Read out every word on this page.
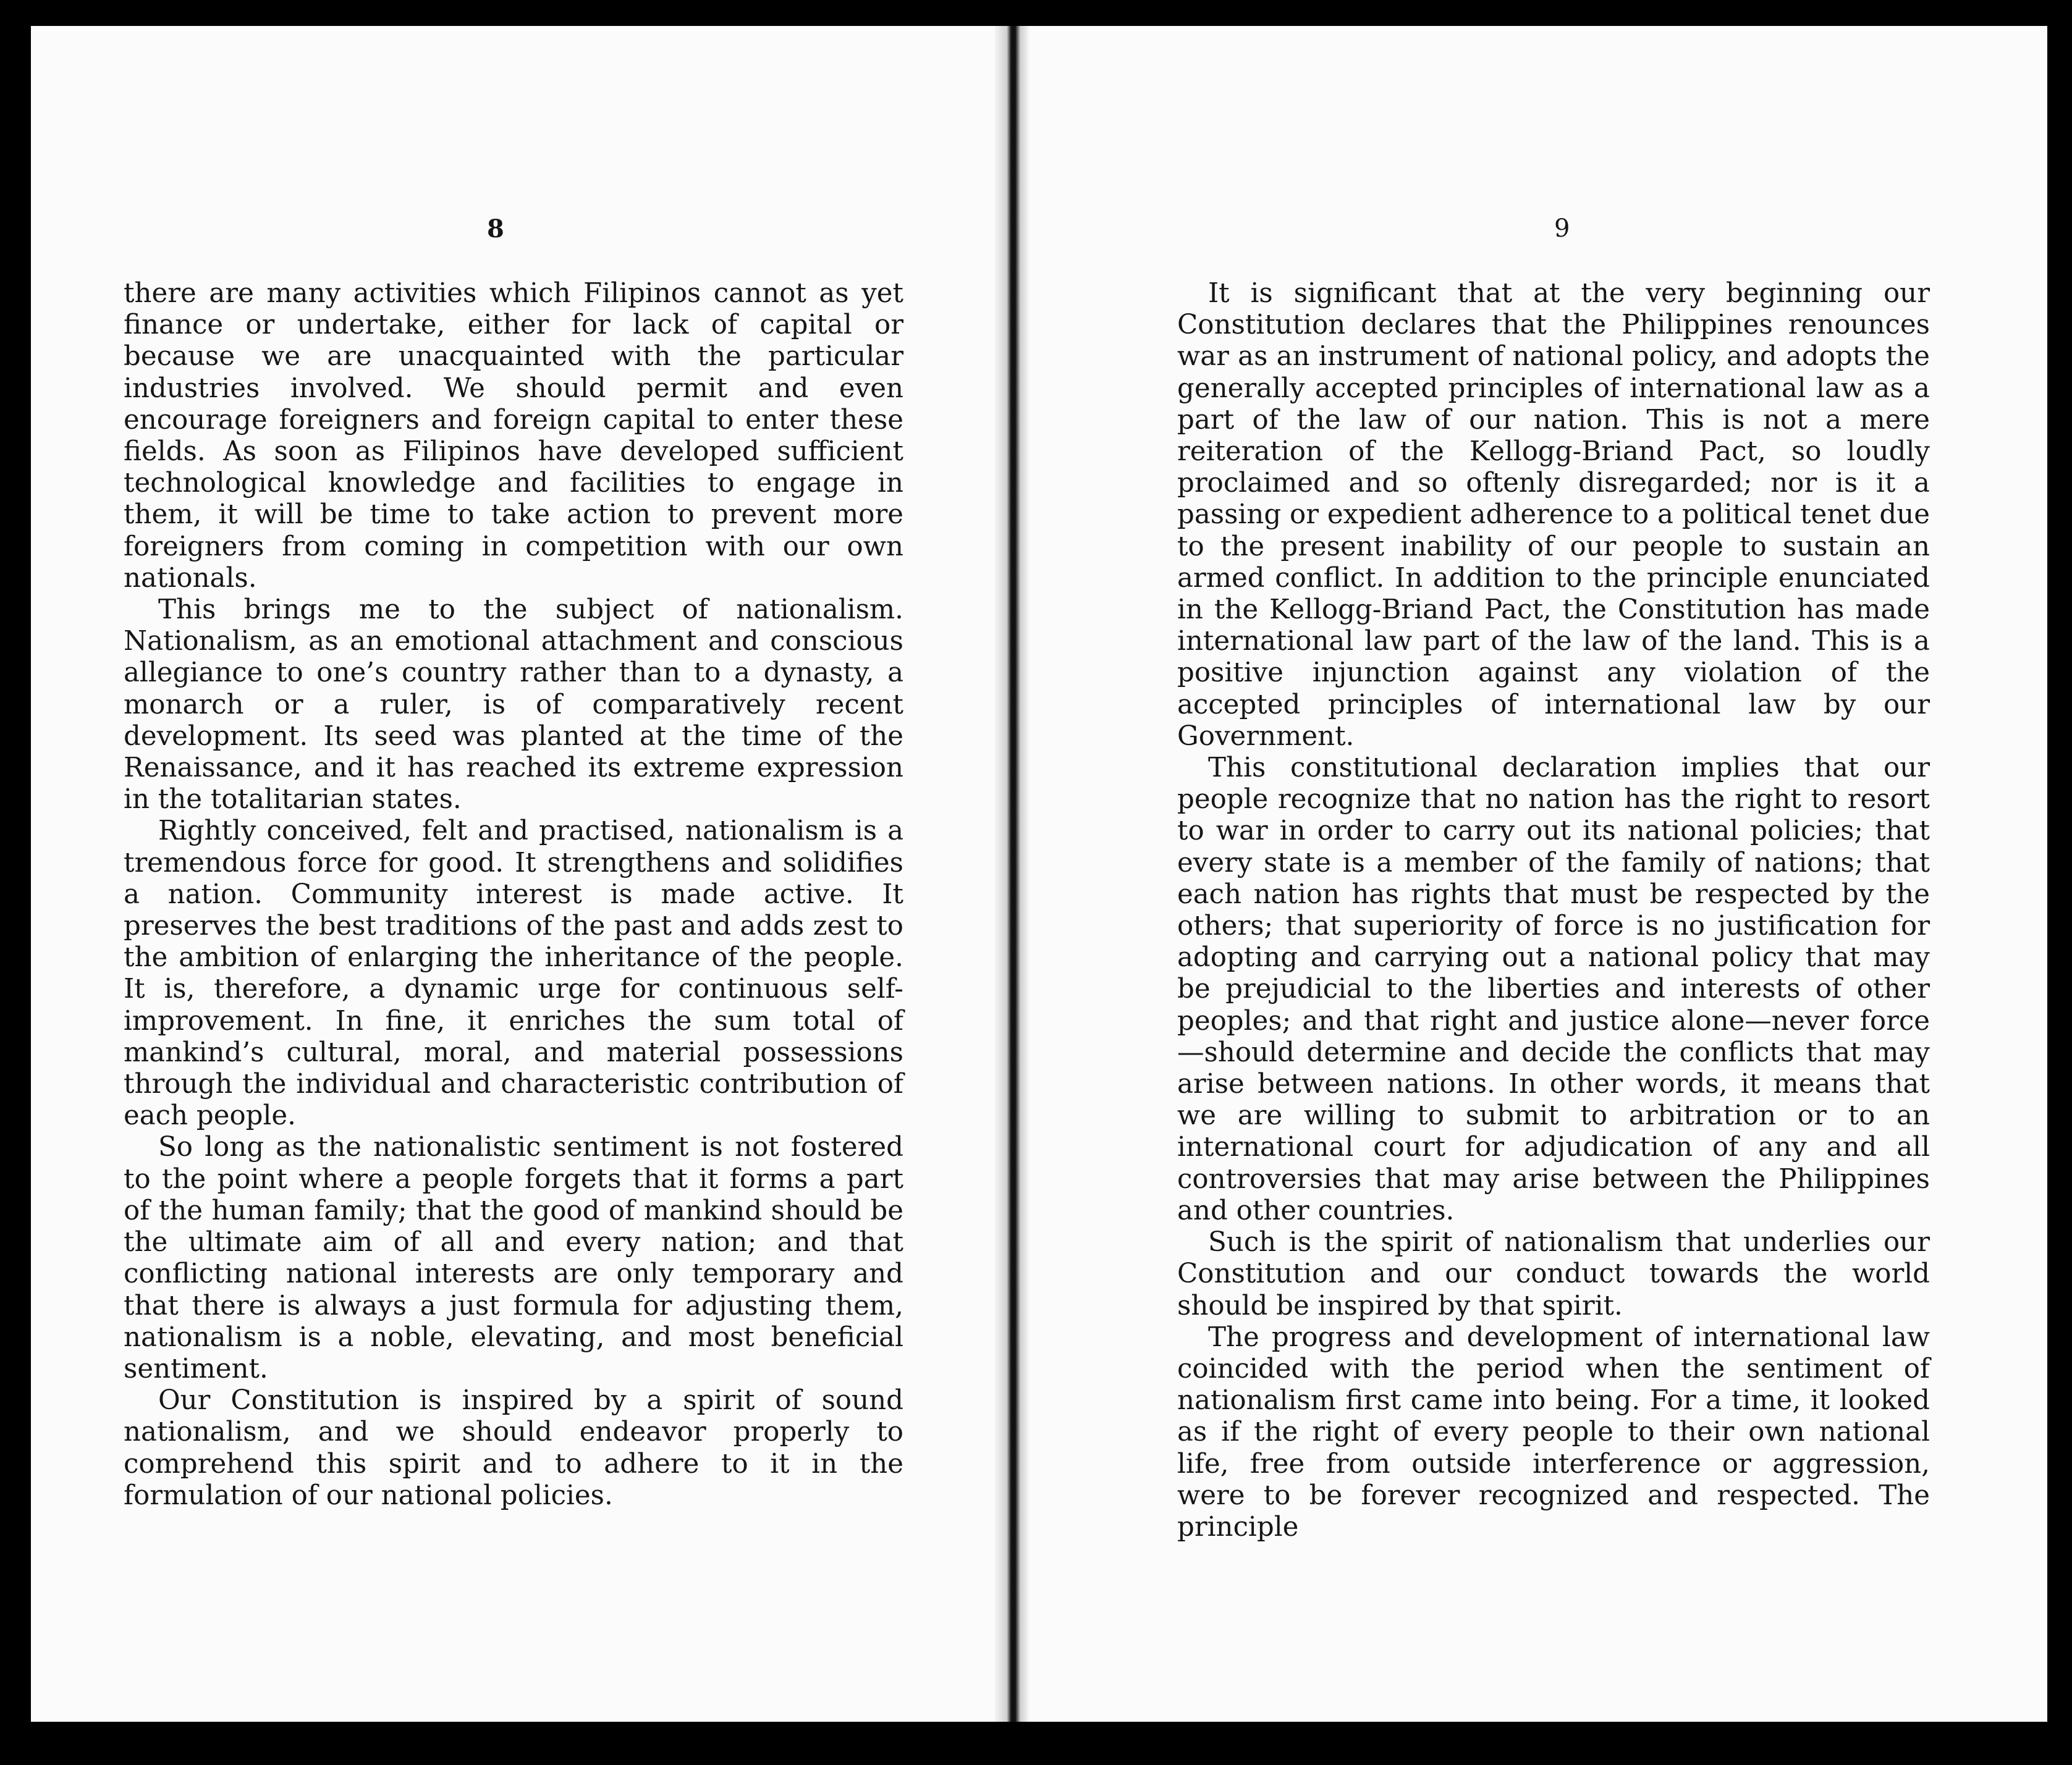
8

there are many activities which Filipinos cannot as yet finance or undertake, either for lack of capital or because we are unacquainted with the particular industries involved. We should permit and even encourage foreigners and foreign capital to enter these fields. As soon as Filipinos have developed sufficient technological knowledge and facilities to engage in them, it will be time to take action to prevent more foreigners from coming in competition with our own nationals.

This brings me to the subject of nationalism. Nationalism, as an emotional attachment and conscious allegiance to one’s country rather than to a dynasty, a monarch or a ruler, is of comparatively recent development. Its seed was planted at the time of the Renaissance, and it has reached its extreme expression in the totalitarian states.

Rightly conceived, felt and practised, nationalism is a tremendous force for good. It strengthens and solidifies a nation. Community interest is made active. It preserves the best traditions of the past and adds zest to the ambition of enlarging the inheritance of the people. It is, therefore, a dynamic urge for continuous self-improvement. In fine, it enriches the sum total of mankind’s cultural, moral, and material possessions through the individual and characteristic contribution of each people.

So long as the nationalistic sentiment is not fostered to the point where a people forgets that it forms a part of the human family; that the good of mankind should be the ultimate aim of all and every nation; and that conflicting national interests are only temporary and that there is always a just formula for adjusting them, nationalism is a noble, elevating, and most beneficial sentiment.

Our Constitution is inspired by a spirit of sound nationalism, and we should endeavor properly to comprehend this spirit and to adhere to it in the formulation of our national policies.

9

It is significant that at the very beginning our Constitution declares that the Philippines renounces war as an instrument of national policy, and adopts the generally accepted principles of international law as a part of the law of our nation. This is not a mere reiteration of the Kellogg-Briand Pact, so loudly proclaimed and so oftenly disregarded; nor is it a passing or expedient adherence to a political tenet due to the present inability of our people to sustain an armed conflict. In addition to the principle enunciated in the Kellogg-Briand Pact, the Constitution has made international law part of the law of the land. This is a positive injunction against any violation of the accepted principles of international law by our Government.

This constitutional declaration implies that our people recognize that no nation has the right to resort to war in order to carry out its national policies; that every state is a member of the family of nations; that each nation has rights that must be respected by the others; that superiority of force is no justification for adopting and carrying out a national policy that may be prejudicial to the liberties and interests of other peoples; and that right and justice alone—never force—should determine and decide the conflicts that may arise between nations. In other words, it means that we are willing to submit to arbitration or to an international court for adjudication of any and all controversies that may arise between the Philippines and other countries.

Such is the spirit of nationalism that underlies our Constitution and our conduct towards the world should be inspired by that spirit.

The progress and development of international law coincided with the period when the sentiment of nationalism first came into being. For a time, it looked as if the right of every people to their own national life, free from outside interference or aggression, were to be forever recognized and respected. The principle
